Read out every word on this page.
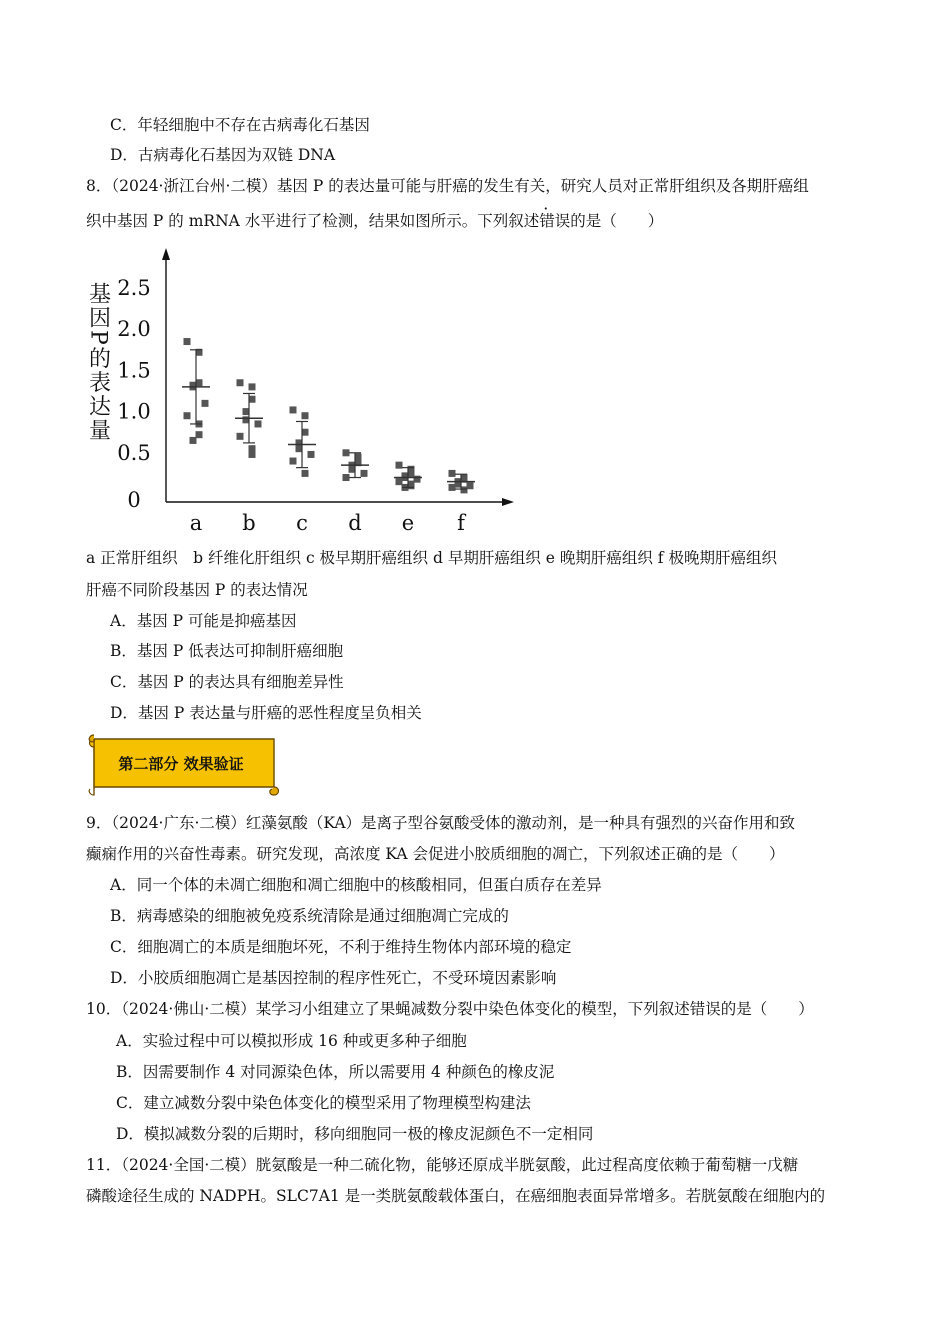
C．年轻细胞中不存在古病毒化石基因
D．古病毒化石基因为双链 DNA
8．（2024·浙江台州·二模）基因 P 的表达量可能与肝癌的发生有关，研究人员对正常肝组织及各期肝癌组
织中基因 P 的 mRNA 水平进行了检测，结果如图所示。下列叙述错误的是（　　）
2.5
2.0
1.5
1.0
0.5
0
a b c d e f
基因P的表达量
a 正常肝组织　b 纤维化肝组织 c 极早期肝癌组织 d 早期肝癌组织 e 晚期肝癌组织 f 极晚期肝癌组织
肝癌不同阶段基因 P 的表达情况
A．基因 P 可能是抑癌基因
B．基因 P 低表达可抑制肝癌细胞
C．基因 P 的表达具有细胞差异性
D．基因 P 表达量与肝癌的恶性程度呈负相关
第二部分 效果验证
9．（2024·广东·二模）红藻氨酸（KA）是离子型谷氨酸受体的激动剂，是一种具有强烈的兴奋作用和致
癫痫作用的兴奋性毒素。研究发现，高浓度 KA 会促进小胶质细胞的凋亡，下列叙述正确的是（　　）
A．同一个体的未凋亡细胞和凋亡细胞中的核酸相同，但蛋白质存在差异
B．病毒感染的细胞被免疫系统清除是通过细胞凋亡完成的
C．细胞凋亡的本质是细胞坏死，不利于维持生物体内部环境的稳定
D．小胶质细胞凋亡是基因控制的程序性死亡，不受环境因素影响
10．（2024·佛山·二模）某学习小组建立了果蝇减数分裂中染色体变化的模型，下列叙述错误的是（　　）
A．实验过程中可以模拟形成 16 种或更多种子细胞
B．因需要制作 4 对同源染色体，所以需要用 4 种颜色的橡皮泥
C．建立减数分裂中染色体变化的模型采用了物理模型构建法
D．模拟减数分裂的后期时，移向细胞同一极的橡皮泥颜色不一定相同
11．（2024·全国·二模）胱氨酸是一种二硫化物，能够还原成半胱氨酸，此过程高度依赖于葡萄糖一戊糖
磷酸途径生成的 NADPH。SLC7A1 是一类胱氨酸载体蛋白，在癌细胞表面异常增多。若胱氨酸在细胞内的
